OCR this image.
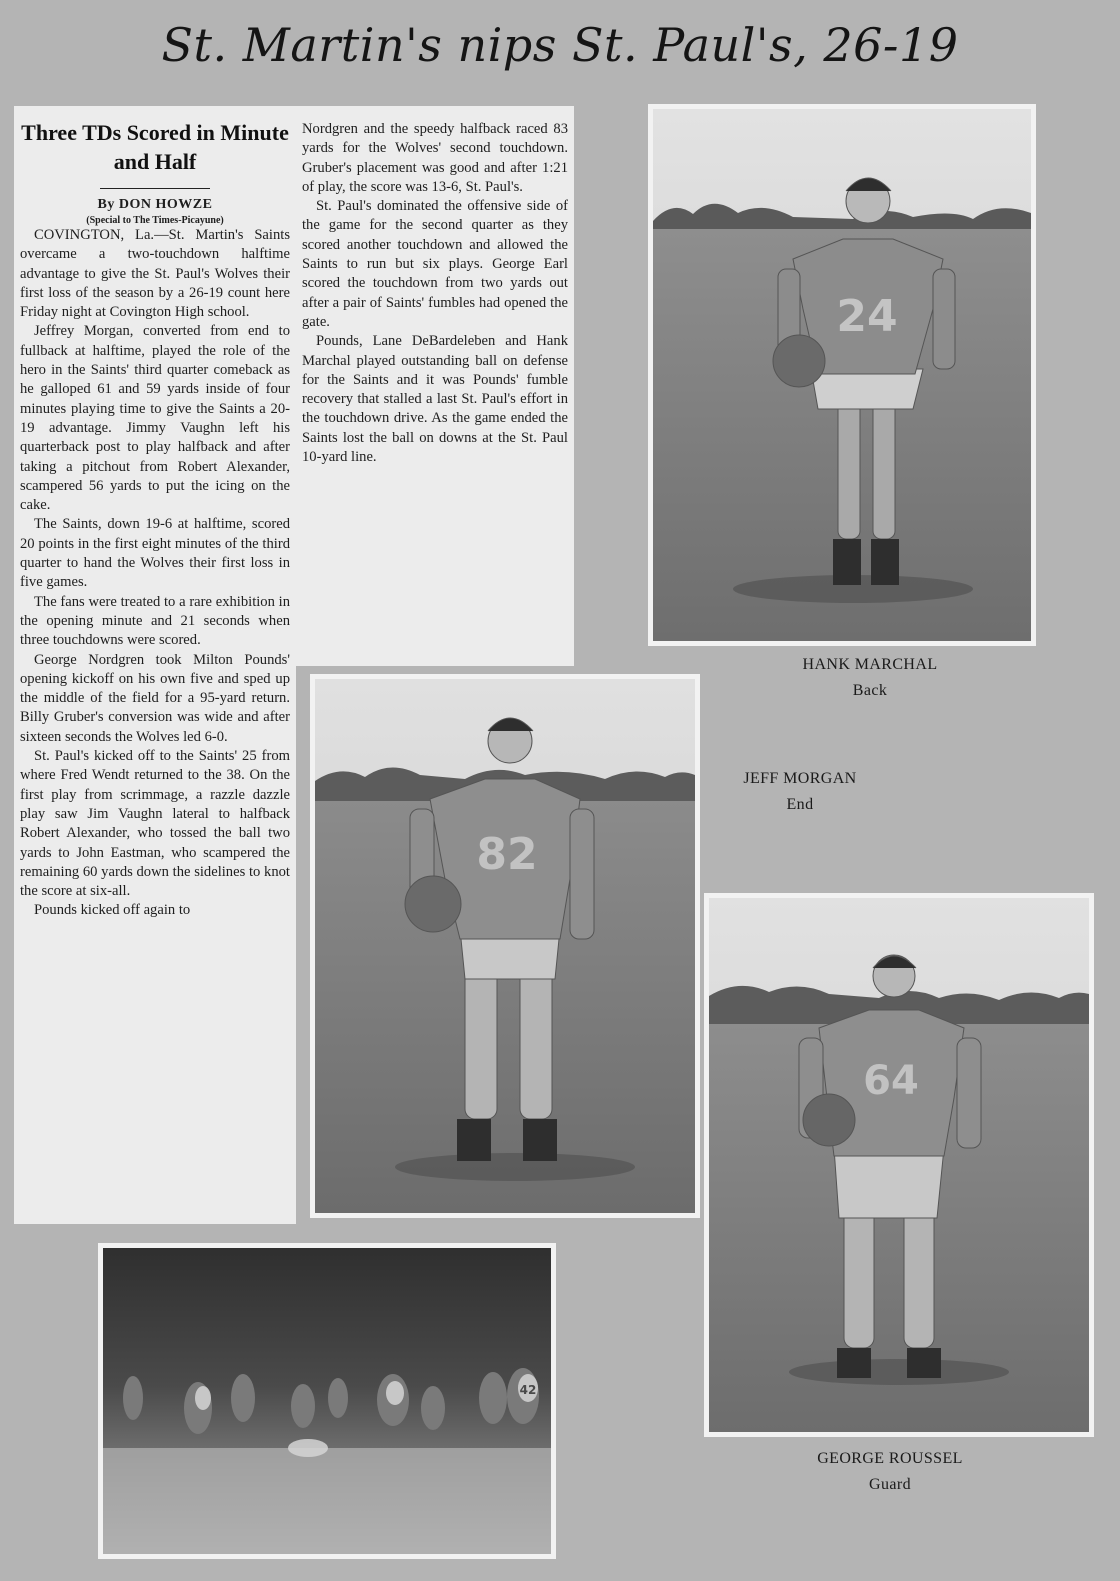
St. Martin's nips St. Paul's, 26-19
Three TDs Scored in Minute and Half
By DON HOWZE
(Special to The Times-Picayune)

COVINGTON, La.—St. Martin's Saints overcame a two-touchdown halftime advantage to give the St. Paul's Wolves their first loss of the season by a 26-19 count here Friday night at Covington High school.

Jeffrey Morgan, converted from end to fullback at halftime, played the role of the hero in the Saints' third quarter comeback as he galloped 61 and 59 yards inside of four minutes playing time to give the Saints a 20-19 advantage. Jimmy Vaughn left his quarterback post to play halfback and after taking a pitchout from Robert Alexander, scampered 56 yards to put the icing on the cake.

The Saints, down 19-6 at halftime, scored 20 points in the first eight minutes of the third quarter to hand the Wolves their first loss in five games.

The fans were treated to a rare exhibition in the opening minute and 21 seconds when three touchdowns were scored.

George Nordgren took Milton Pounds' opening kickoff on his own five and sped up the middle of the field for a 95-yard return. Billy Gruber's conversion was wide and after sixteen seconds the Wolves led 6-0.

St. Paul's kicked off to the Saints' 25 from where Fred Wendt returned to the 38. On the first play from scrimmage, a razzle dazzle play saw Jim Vaughn lateral to halfback Robert Alexander, who tossed the ball two yards to John Eastman, who scampered the remaining 60 yards down the sidelines to knot the score at six-all.

Pounds kicked off again to

Nordgren and the speedy halfback raced 83 yards for the Wolves' second touchdown. Gruber's placement was good and after 1:21 of play, the score was 13-6, St. Paul's.

St. Paul's dominated the offensive side of the game for the second quarter as they scored another touchdown and allowed the Saints to run but six plays. George Earl scored the touchdown from two yards out after a pair of Saints' fumbles had opened the gate.

Pounds, Lane DeBardeleben and Hank Marchal played outstanding ball on defense for the Saints and it was Pounds' fumble recovery that stalled a last St. Paul's effort in the touchdown drive. As the game ended the Saints lost the ball on downs at the St. Paul 10-yard line.

24
HANK MARCHAL
Back
82
JEFF MORGAN
End
64
GEORGE ROUSSEL
Guard
42
